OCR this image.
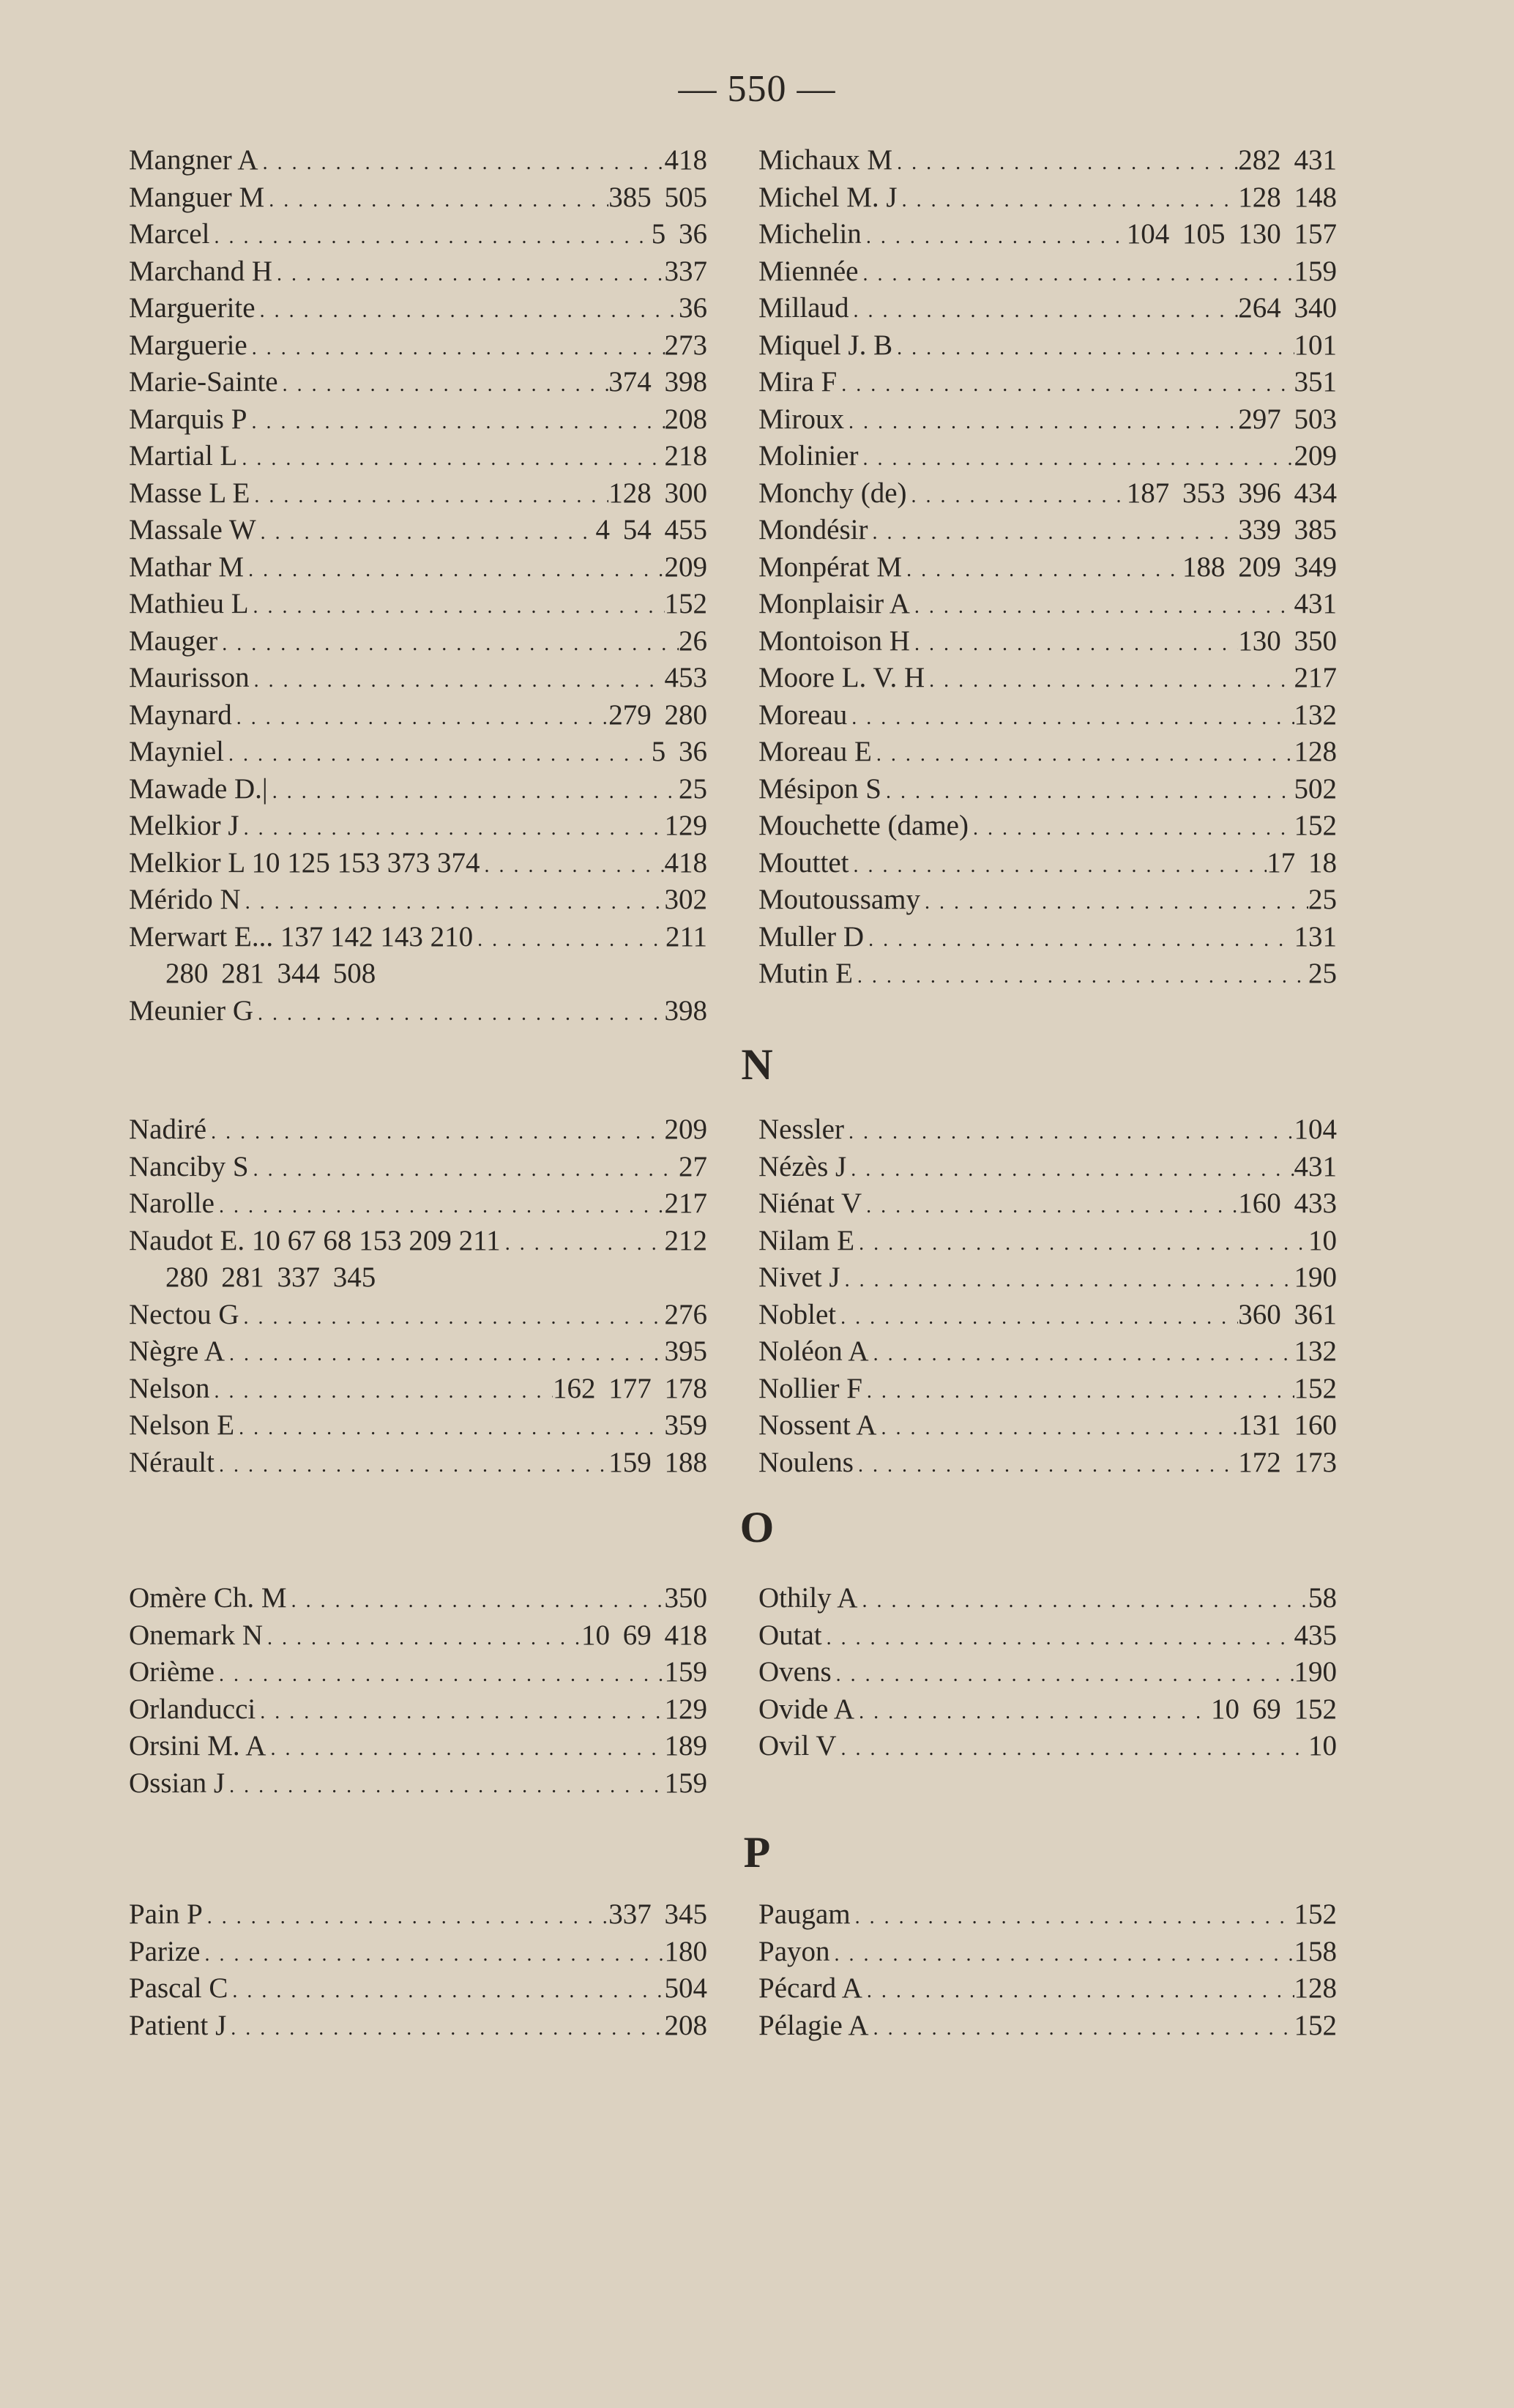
— 550 —
Mangner A . . .	418
Manguer M . . .	385 505
Marcel . . .	5 36
Marchand H . . .	337
Marguerite . . .	36
Marguerie . . .	273
Marie-Sainte . . .	374 398
Marquis P . . .	208
Martial L . . .	218
Masse L E . . .	128 300
Massale W . . .	4 54 455
Mathar M . . .	209
Mathieu L . . .	152
Mauger . . .	26
Maurisson . . .	453
Maynard . . .	279 280
Mayniel . . .	5 36
Mawade D.| . . .	25
Melkior J . . .	129
Melkior L 10 125 153 373 374 . . .	418
Mérido N . . .	302
Merwart E... 137 142 143 210 . . .	211
280 281 344 508
Meunier G . . .	398
Michaux M . . .	282 431
Michel M. J . . .	128 148
Michelin . . .	104 105 130 157
Miennée . . .	159
Millaud . . .	264 340
Miquel J. B . . .	101
Mira F . . .	351
Miroux . . .	297 503
Molinier . . .	209
Monchy (de) . . .	187 353 396 434
Mondésir . . .	339 385
Monpérat M . . .	188 209 349
Monplaisir A . . .	431
Montoison H . . .	130 350
Moore L. V. H . . .	217
Moreau . . .	132
Moreau E . . .	128
Mésipon S . . .	502
Mouchette (dame) . . .	152
Mouttet . . .	17 18
Moutoussamy . . .	25
Muller D . . .	131
Mutin E . . .	25
N
Nadiré . . .	209
Nanciby S . . .	27
Narolle . . .	217
Naudot E. 10 67 68 153 209 211 . . .	212
280 281 337 345
Nectou G . . .	276
Nègre A . . .	395
Nelson . . .	162 177 178
Nelson E . . .	359
Nérault . . .	159 188
Nessler . . .	104
Nézès J . . .	431
Niénat V . . .	160 433
Nilam E . . .	10
Nivet J . . .	190
Noblet . . .	360 361
Noléon A . . .	132
Nollier F . . .	152
Nossent A . . .	131 160
Noulens . . .	172 173
O
Omère Ch. M . . .	350
Onemark N . . .	10 69 418
Orième . . .	159
Orlanducci . . .	129
Orsini M. A . . .	189
Ossian J . . .	159
Othily A . . .	58
Outat . . .	435
Ovens . . .	190
Ovide A . . .	10 69 152
Ovil V . . .	10
P
Pain P . . .	337 345
Parize . . .	180
Pascal C . . .	504
Patient J . . .	208
Paugam . . .	152
Payon . . .	158
Pécard A . . .	128
Pélagie A . . .	152
